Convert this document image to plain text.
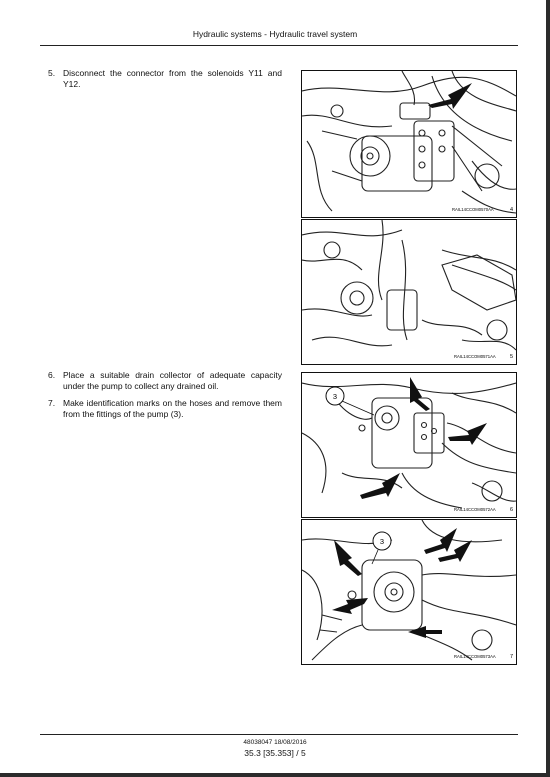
Hydraulic systems - Hydraulic travel system
5. Disconnect the connector from the solenoids Y11 and Y12.
6. Place a suitable drain collector of adequate capacity under the pump to collect any drained oil.
7. Make identification marks on the hoses and remove them from the fittings of the pump (3).
RAIL14CCOM0570AA	4
RAIL14CCOM0571AA	5
3
RAIL14CCOM0572AA	6
3
RAIL14CCOM0573AA	7
48038047 18/08/2016
35.3 [35.353] / 5
